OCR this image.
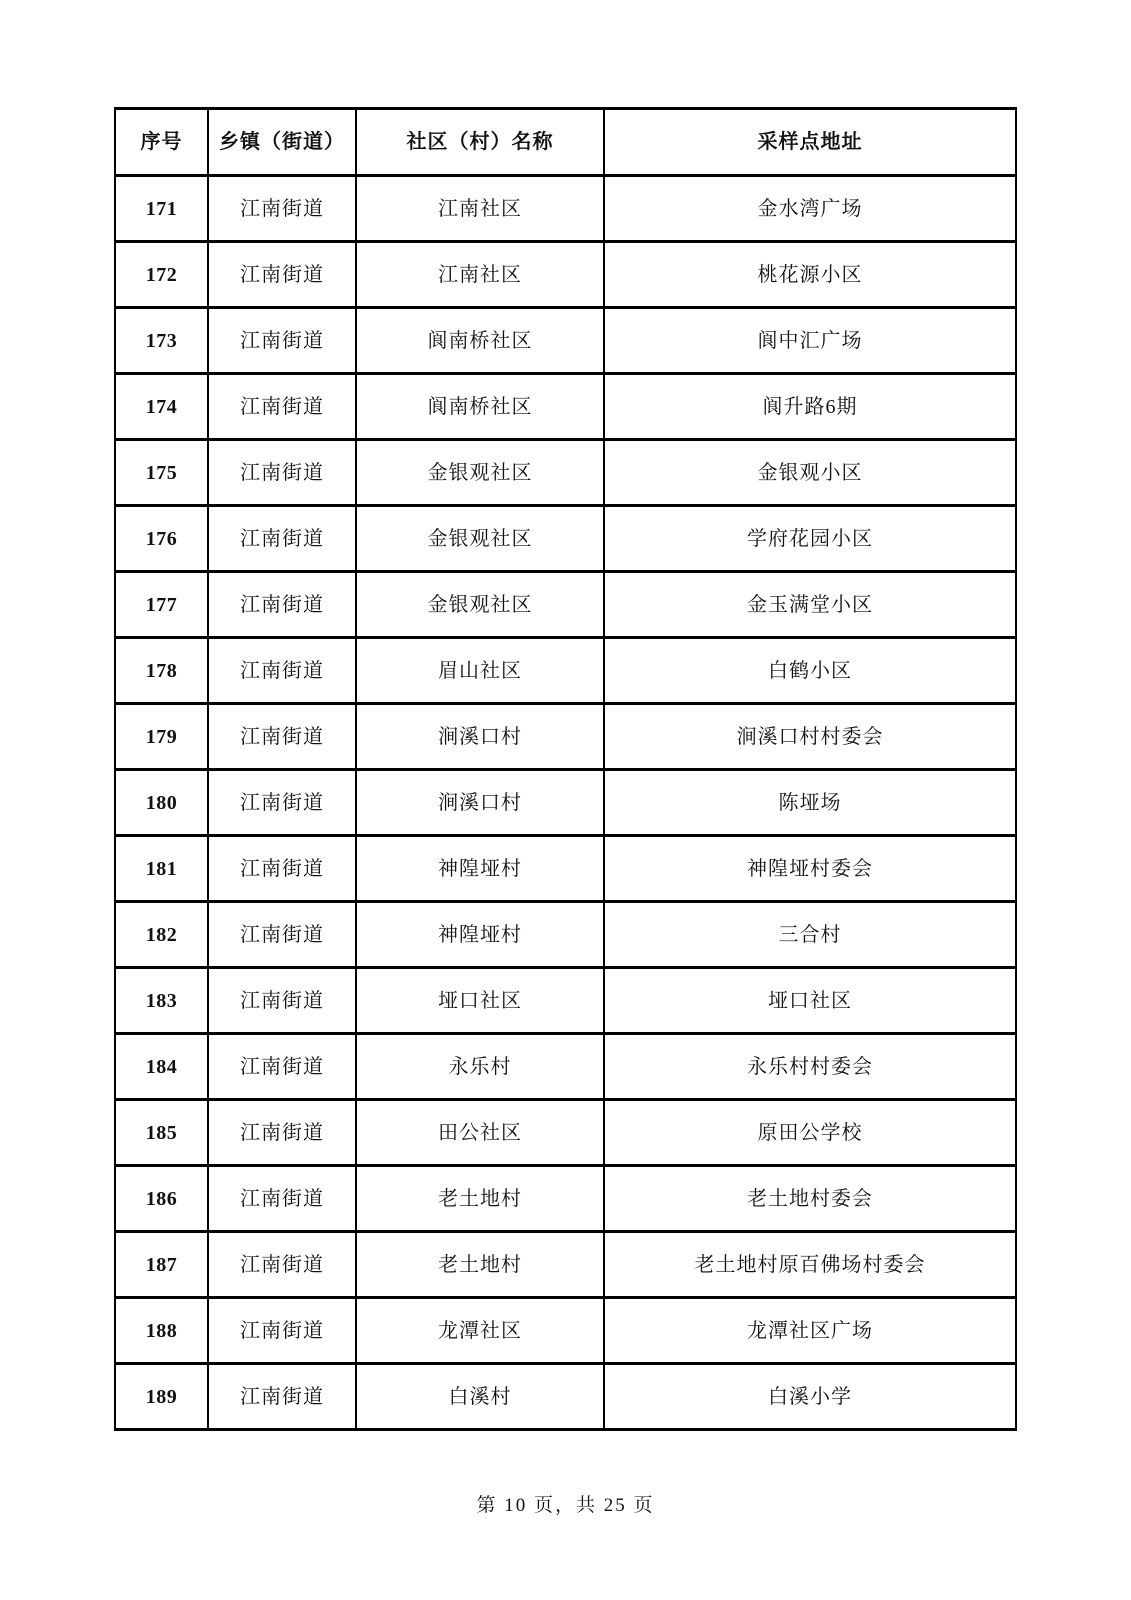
序号	乡镇（街道）	社区（村）名称	采样点地址
171	江南街道	江南社区	金水湾广场
172	江南街道	江南社区	桃花源小区
173	江南街道	阆南桥社区	阆中汇广场
174	江南街道	阆南桥社区	阆升路6期
175	江南街道	金银观社区	金银观小区
176	江南街道	金银观社区	学府花园小区
177	江南街道	金银观社区	金玉满堂小区
178	江南街道	眉山社区	白鹤小区
179	江南街道	涧溪口村	涧溪口村村委会
180	江南街道	涧溪口村	陈垭场
181	江南街道	神隍垭村	神隍垭村委会
182	江南街道	神隍垭村	三合村
183	江南街道	垭口社区	垭口社区
184	江南街道	永乐村	永乐村村委会
185	江南街道	田公社区	原田公学校
186	江南街道	老土地村	老土地村委会
187	江南街道	老土地村	老土地村原百佛场村委会
188	江南街道	龙潭社区	龙潭社区广场
189	江南街道	白溪村	白溪小学
第 10 页，共 25 页
